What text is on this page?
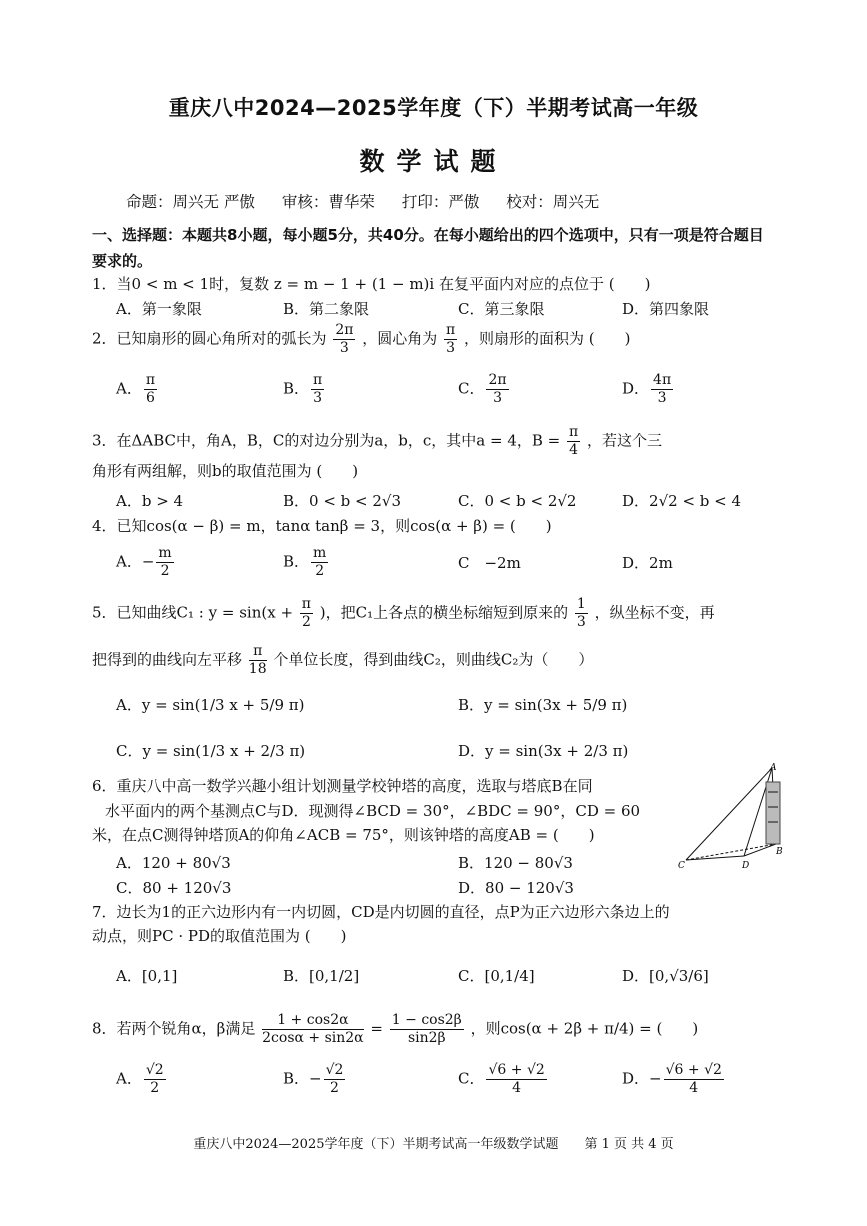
重庆八中2024—2025学年度（下）半期考试高一年级
数学试题
命题：周兴无 严傲 审核：曹华荣 打印：严傲 校对：周兴无
一、选择题：本题共8小题，每小题5分，共40分。在每小题给出的四个选项中，只有一项是符合题目要求的。
1．当0 < m < 1时，复数 z = m − 1 + (1 − m)i 在复平面内对应的点位于 (　　)
A．第一象限	B．第二象限	C．第三象限	D．第四象限
2．已知扇形的圆心角所对的弧长为 $\frac{2\pi}{3}$ ，圆心角为 $\frac{\pi}{3}$ ，则扇形的面积为 (　　)
A． $\frac{\pi}{6}$	B． $\frac{\pi}{3}$	C． $\frac{2\pi}{3}$	D． $\frac{4\pi}{3}$
3．在ΔABC中，角A，B，C的对边分别为a，b，c，其中a = 4，$B = \frac{\pi}{4}$ ，若这个三
角形有两组解，则b的取值范围为 (　　)
A．b > 4	B．0 < b < 2√3	C．0 < b < 2√2	D．2√2 < b < 4
4．已知cos(α − β) = m，tanα tanβ = 3，则cos(α + β) = (　　)
A．− $\frac{m}{2}$	B． $\frac{m}{2}$	C　−2m	D．2m
5．已知曲线C₁ : $y = \sin(x + \frac{\pi}{2}$ )，把C₁上各点的横坐标缩短到原来的 $\frac{1}{3}$ ，纵坐标不变，再
把得到的曲线向左平移 $\frac{\pi}{18}$ 个单位长度，得到曲线C₂，则曲线C₂为（　　）
A．y = sin(1/3 x + 5/9 π)	B．y = sin(3x + 5/9 π)
C．y = sin(1/3 x + 2/3 π)	D．y = sin(3x + 2/3 π)
6．重庆八中高一数学兴趣小组计划测量学校钟塔的高度，选取与塔底B在同
水平面内的两个基测点C与D．现测得∠BCD = 30°，∠BDC = 90°，CD = 60
米，在点C测得钟塔顶A的仰角∠ACB = 75°，则该钟塔的高度AB = (　　)
A．120 + 80√3	B．120 − 80√3
C．80 + 120√3	D．80 − 120√3
A
B
C	D
7．边长为1的正六边形内有一内切圆，CD是内切圆的直径，点P为正六边形六条边上的
动点，则PC · PD的取值范围为 (　　)
A．[0,1]	B．[0,1/2]	C．[0,1/4]	D．[0,√3/6]
8．若两个锐角α，β满足 $\frac{1 + \cos 2\alpha}{2\cos\alpha + \sin 2\alpha} = \frac{1 - \cos 2\beta}{\sin 2\beta}$ ，则cos(α + 2β + π/4) = (　　)
A． $\frac{√2}{2}$	B．− $\frac{√2}{2}$	C． $\frac{√6 + √2}{4}$	D．− $\frac{√6 + √2}{4}$
重庆八中2024—2025学年度（下）半期考试高一年级数学试题　　第 1 页 共 4 页
